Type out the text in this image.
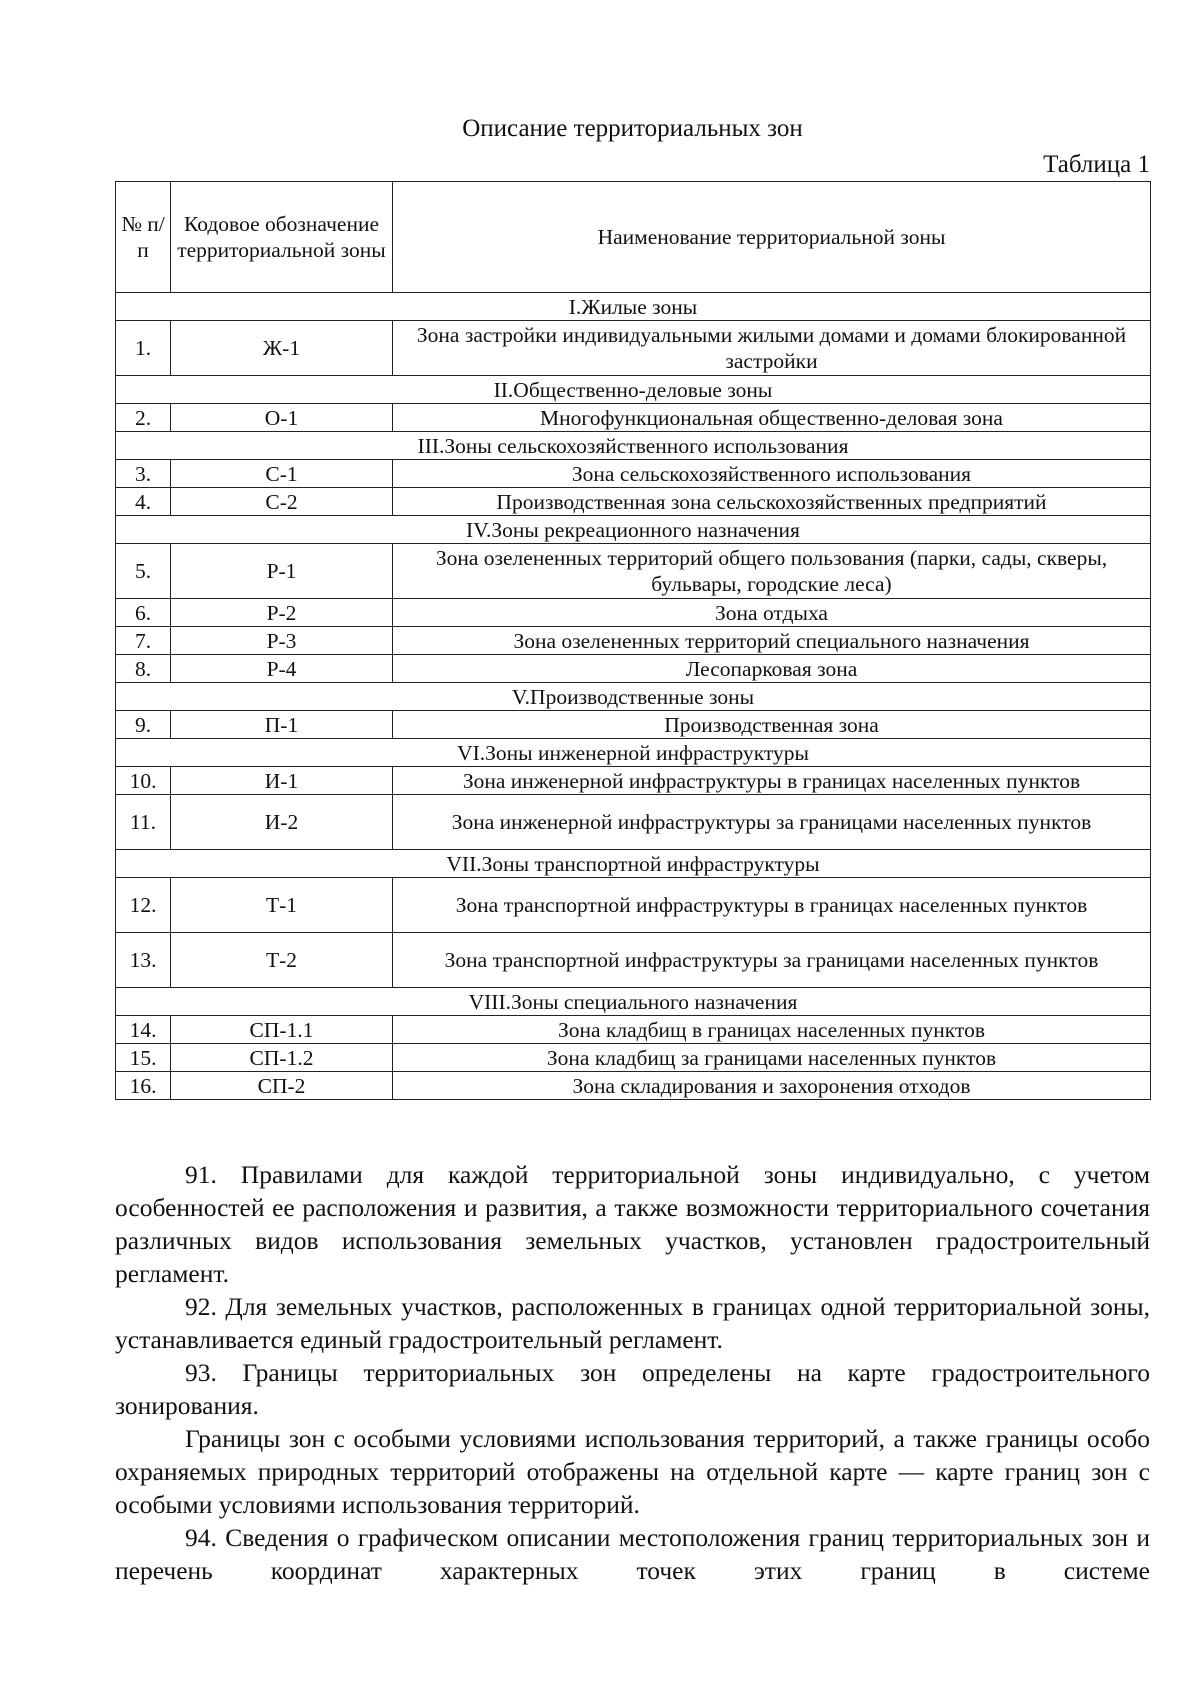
Описание территориальных зон
Таблица 1
№ п/п	Кодовое обозначение территориальной зоны	Наименование территориальной зоны
I.Жилые зоны		
1.	Ж-1	Зона застройки индивидуальными жилыми домами и домами блокированной застройки
II.Общественно-деловые зоны		
2.	О-1	Многофункциональная общественно-деловая зона
III.Зоны сельскохозяйственного использования		
3.	С-1	Зона сельскохозяйственного использования
4.	С-2	Производственная зона сельскохозяйственных предприятий
IV.Зоны рекреационного назначения		
5.	Р-1	Зона озелененных территорий общего пользования (парки, сады, скверы, бульвары, городские леса)
6.	Р-2	Зона отдыха
7.	Р-3	Зона озелененных территорий специального назначения
8.	Р-4	Лесопарковая зона
V.Производственные зоны		
9.	П-1	Производственная зона
VI.Зоны инженерной инфраструктуры		
10.	И-1	Зона инженерной инфраструктуры в границах населенных пунктов
11.	И-2	Зона инженерной инфраструктуры за границами населенных пунктов
VII.Зоны транспортной инфраструктуры		
12.	Т-1	Зона транспортной инфраструктуры в границах населенных пунктов
13.	Т-2	Зона транспортной инфраструктуры за границами населенных пунктов
VIII.Зоны специального назначения		
14.	СП-1.1	Зона кладбищ в границах населенных пунктов
15.	СП-1.2	Зона кладбищ за границами населенных пунктов
16.	СП-2	Зона складирования и захоронения отходов

91. Правилами для каждой территориальной зоны индивидуально, с учетом особенностей ее расположения и развития, а также возможности территориального сочетания различных видов использования земельных участков, установлен градостроительный регламент.

92. Для земельных участков, расположенных в границах одной территориальной зоны, устанавливается единый градостроительный регламент.

93. Границы территориальных зон определены на карте градостроительного зонирования.

Границы зон с особыми условиями использования территорий, а также границы особо охраняемых природных территорий отображены на отдельной карте — карте границ зон с особыми условиями использования территорий.

94. Сведения о графическом описании местоположения границ территориальных зон и перечень координат характерных точек этих границ в системе
